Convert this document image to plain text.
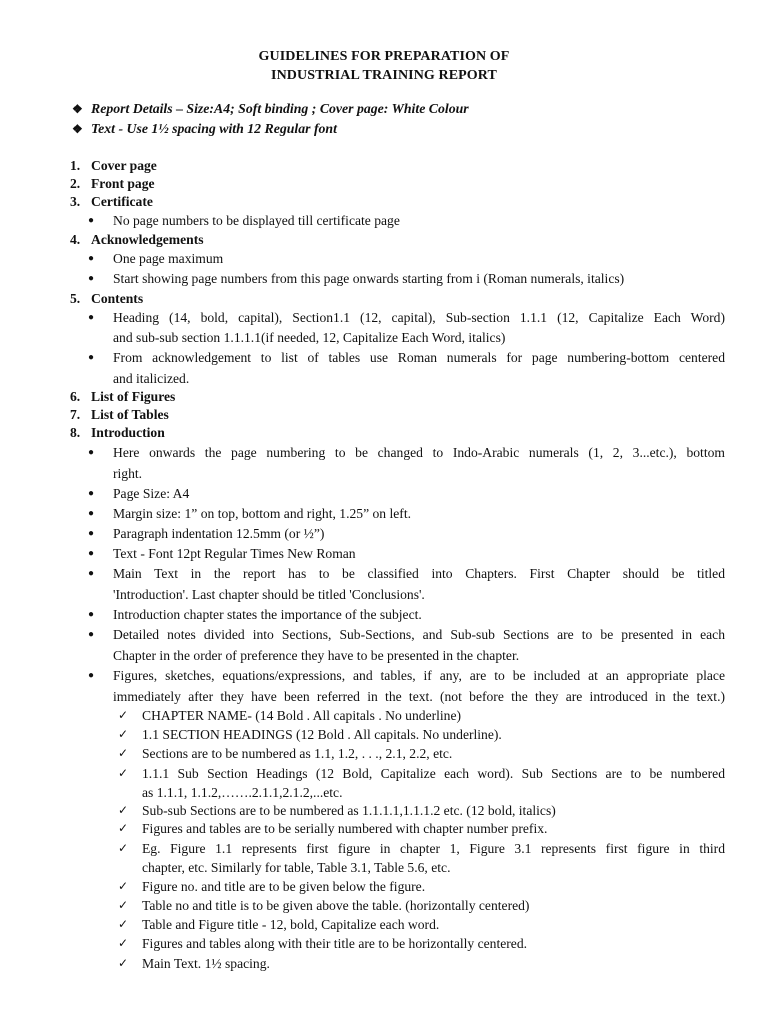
GUIDELINES FOR PREPARATION OF
INDUSTRIAL TRAINING REPORT
❖ Report Details – Size:A4; Soft binding ; Cover page: White Colour
❖ Text - Use 1½ spacing with 12 Regular font
1. Cover page
2. Front page
3. Certificate
● No page numbers to be displayed till certificate page
4. Acknowledgements
● One page maximum
● Start showing page numbers from this page onwards starting from i (Roman numerals, italics)
5. Contents
● Heading (14, bold, capital), Section1.1 (12, capital), Sub-section 1.1.1 (12, Capitalize Each Word)
and sub-sub section 1.1.1.1(if needed, 12, Capitalize Each Word, italics)
● From acknowledgement to list of tables use Roman numerals for page numbering-bottom centered
and italicized.
6. List of Figures
7. List of Tables
8. Introduction
● Here onwards the page numbering to be changed to Indo-Arabic numerals (1, 2, 3...etc.), bottom
right.
● Page Size: A4
● Margin size: 1” on top, bottom and right, 1.25” on left.
● Paragraph indentation 12.5mm (or ½”)
● Text - Font 12pt Regular Times New Roman
● Main Text in the report has to be classified into Chapters. First Chapter should be titled
'Introduction'. Last chapter should be titled 'Conclusions'.
● Introduction chapter states the importance of the subject.
● Detailed notes divided into Sections, Sub-Sections, and Sub-sub Sections are to be presented in each
Chapter in the order of preference they have to be presented in the chapter.
● Figures, sketches, equations/expressions, and tables, if any, are to be included at an appropriate place
immediately after they have been referred in the text. (not before the they are introduced in the text.)
✓ CHAPTER NAME- (14 Bold . All capitals . No underline)
✓ 1.1 SECTION HEADINGS (12 Bold . All capitals. No underline).
✓ Sections are to be numbered as 1.1, 1.2, . . ., 2.1, 2.2, etc.
✓ 1.1.1 Sub Section Headings (12 Bold, Capitalize each word). Sub Sections are to be numbered
as 1.1.1, 1.1.2,…….2.1.1,2.1.2,...etc.
✓ Sub-sub Sections are to be numbered as 1.1.1.1,1.1.1.2 etc. (12 bold, italics)
✓ Figures and tables are to be serially numbered with chapter number prefix.
✓ Eg. Figure 1.1 represents first figure in chapter 1, Figure 3.1 represents first figure in third
chapter, etc. Similarly for table, Table 3.1, Table 5.6, etc.
✓ Figure no. and title are to be given below the figure.
✓ Table no and title is to be given above the table. (horizontally centered)
✓ Table and Figure title - 12, bold, Capitalize each word.
✓ Figures and tables along with their title are to be horizontally centered.
✓ Main Text. 1½ spacing.
